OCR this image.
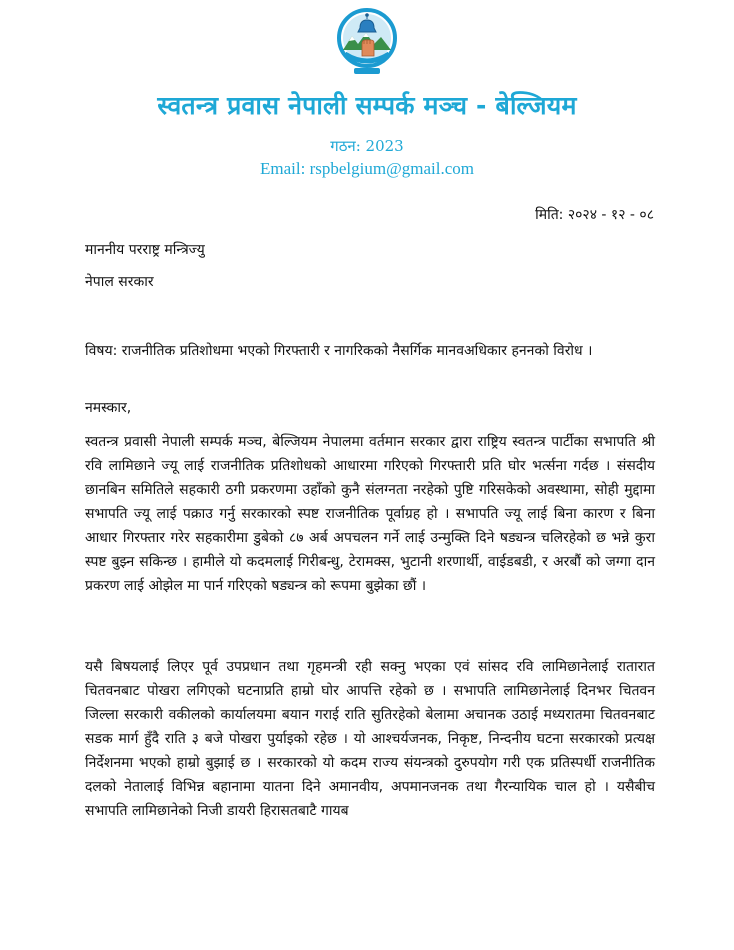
स्वतन्त्र प्रवास नेपाली सम्पर्क मञ्च - बेल्जियम
गठन: 2023
Email: rspbelgium@gmail.com
मिति: २०२४ - १२ - ०८
माननीय परराष्ट्र मन्त्रिज्यु
नेपाल सरकार
विषय: राजनीतिक प्रतिशोधमा भएको गिरफ्तारी र नागरिकको नैसर्गिक मानवअधिकार हननको विरोध ।
नमस्कार,
स्वतन्त्र प्रवासी नेपाली सम्पर्क मञ्च, बेल्जियम नेपालमा वर्तमान सरकार द्वारा राष्ट्रिय स्वतन्त्र पार्टीका सभापति श्री रवि लामिछाने ज्यू लाई राजनीतिक प्रतिशोधको आधारमा गरिएको गिरफ्तारी प्रति घोर भर्त्सना गर्दछ । संसदीय छानबिन समितिले सहकारी ठगी प्रकरणमा उहाँको कुनै संलग्नता नरहेको पुष्टि गरिसकेको अवस्थामा, सोही मुद्दामा सभापति ज्यू लाई पक्राउ गर्नु सरकारको स्पष्ट राजनीतिक पूर्वाग्रह हो । सभापति ज्यू लाई बिना कारण र बिना आधार गिरफ्तार गरेर सहकारीमा डुबेको ८७ अर्ब अपचलन गर्ने लाई उन्मुक्ति दिने षड्यन्त्र चलिरहेको छ भन्ने कुरा स्पष्ट बुझ्न सकिन्छ । हामीले यो कदमलाई गिरीबन्धु, टेरामक्स, भुटानी शरणार्थी, वाईडबडी, र अरबौं को जग्गा दान प्रकरण लाई ओझेल मा पार्न गरिएको षड्यन्त्र को रूपमा बुझेका छौं ।
यसै बिषयलाई लिएर पूर्व उपप्रधान तथा गृहमन्त्री रही सक्नु भएका एवं सांसद रवि लामिछानेलाई रातारात चितवनबाट पोखरा लगिएको घटनाप्रति हाम्रो घोर आपत्ति रहेको छ । सभापति लामिछानेलाई दिनभर चितवन जिल्ला सरकारी वकीलको कार्यालयमा बयान गराई राति सुतिरहेको बेलामा अचानक उठाई मध्यरातमा चितवनबाट सडक मार्ग हुँदै राति ३ बजे पोखरा पुर्याइको रहेछ । यो आश्चर्यजनक, निकृष्ट, निन्दनीय घटना सरकारको प्रत्यक्ष निर्देशनमा भएको हाम्रो बुझाई छ । सरकारको यो कदम राज्य संयन्त्रको दुरुपयोग गरी एक प्रतिस्पर्धी राजनीतिक दलको नेतालाई विभिन्न बहानामा यातना दिने अमानवीय, अपमानजनक तथा गैरन्यायिक चाल हो । यसैबीच सभापति लामिछानेको निजी डायरी हिरासतबाटै गायब
